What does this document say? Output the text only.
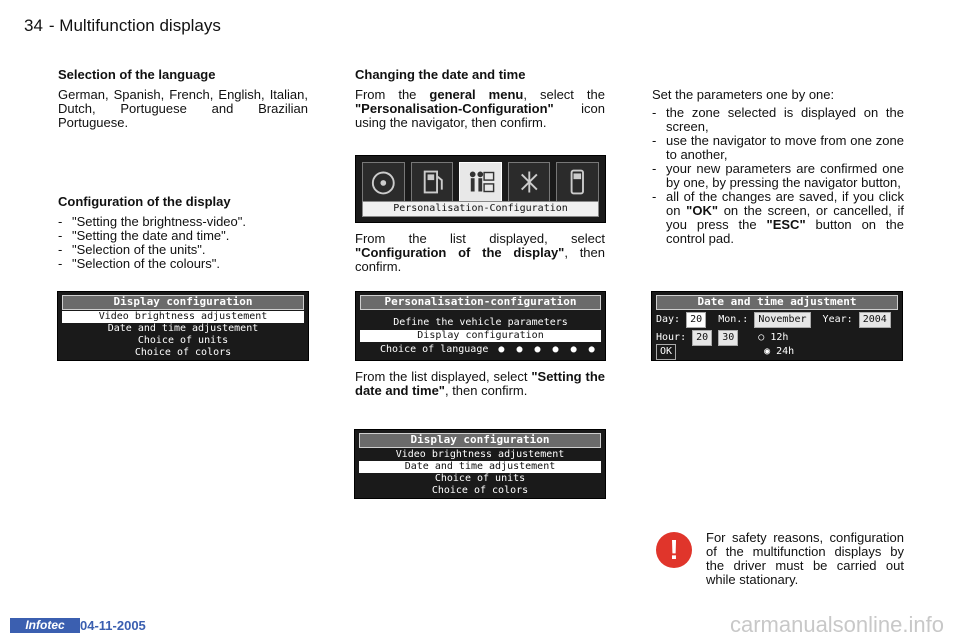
34 - Multifunction displays
Selection of the language

German, Spanish, French, English, Italian, Dutch, Portuguese and Brazilian Portuguese.

Configuration of the display
- "Setting the brightness-video".
- "Setting the date and time".
- "Selection of the units".
- "Selection of the colours".
Display configuration
Video brightness adjustement
Date and time adjustement
Choice of units
Choice of colors
Changing the date and time

From the general menu, select the "Personalisation-Configuration" icon using the navigator, then confirm.

Personalisation-Configuration

From the list displayed, select "Configuration of the display", then confirm.

Personalisation-configuration
Define the vehicle parameters
Display configuration
Choice of language ● ● ● ● ● ●

From the list displayed, select "Setting the date and time", then confirm.

Display configuration
Video brightness adjustement
Date and time adjustement
Choice of units
Choice of colors

Set the parameters one by one:

- the zone selected is displayed on the screen,
- use the navigator to move from one zone to another,
- your new parameters are confirmed one by one, by pressing the navigator button,
- all of the changes are saved, if you click on "OK" on the screen, or cancelled, if you press the "ESC" button on the control pad.
Date and time adjustment
Day: 20 Mon.: November Year: 2004
Hour: 20 30 ○ 12h
OK	◉ 24h
!	For safety reasons, configuration of the multifunction displays by the driver must be carried out while stationary.

Infotec	04-11-2005	carmanualsonline.info
